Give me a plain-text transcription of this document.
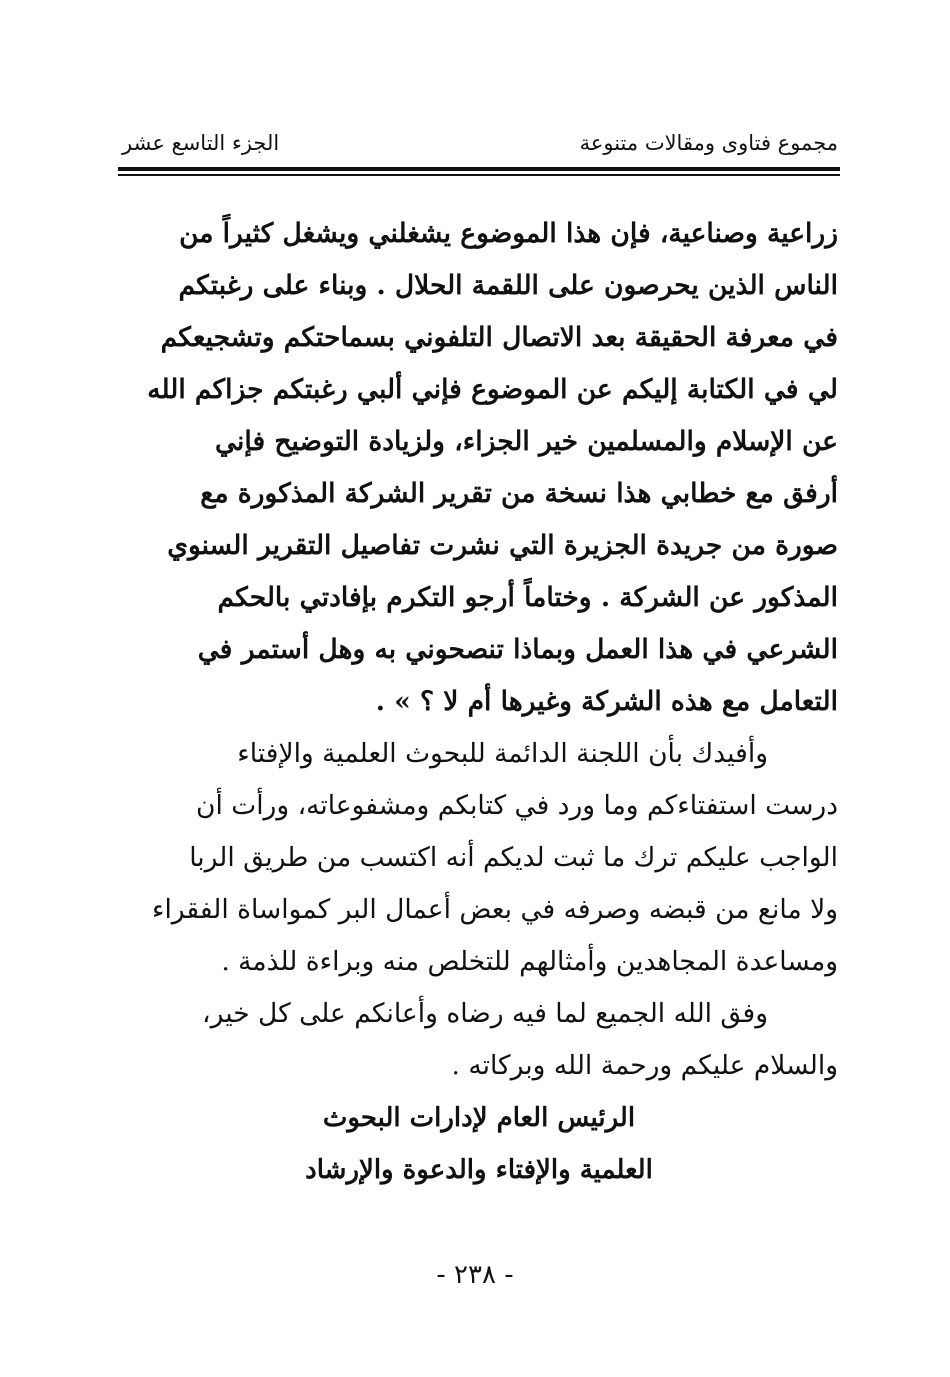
الجزء التاسع عشر	مجموع فتاوى ومقالات متنوعة

زراعية وصناعية، فإن هذا الموضوع يشغلني ويشغل كثيراً من
الناس الذين يحرصون على اللقمة الحلال . وبناء على رغبتكم
في معرفة الحقيقة بعد الاتصال التلفوني بسماحتكم وتشجيعكم
لي في الكتابة إليكم عن الموضوع فإني ألبي رغبتكم جزاكم الله
عن الإسلام والمسلمين خير الجزاء، ولزيادة التوضيح فإني
أرفق مع خطابي هذا نسخة من تقرير الشركة المذكورة مع
صورة من جريدة الجزيرة التي نشرت تفاصيل التقرير السنوي
المذكور عن الشركة . وختاماً أرجو التكرم بإفادتي بالحكم
الشرعي في هذا العمل وبماذا تنصحوني به وهل أستمر في
التعامل مع هذه الشركة وغيرها أم لا ؟ » .

وأفيدك بأن اللجنة الدائمة للبحوث العلمية والإفتاء
درست استفتاءكم وما ورد في كتابكم ومشفوعاته، ورأت أن
الواجب عليكم ترك ما ثبت لديكم أنه اكتسب من طريق الربا
ولا مانع من قبضه وصرفه في بعض أعمال البر كمواساة الفقراء
ومساعدة المجاهدين وأمثالهم للتخلص منه وبراءة للذمة .

وفق الله الجميع لما فيه رضاه وأعانكم على كل خير،
والسلام عليكم ورحمة الله وبركاته .

الرئيس العام لإدارات البحوث
العلمية والإفتاء والدعوة والإرشاد
- ٢٣٨ -
